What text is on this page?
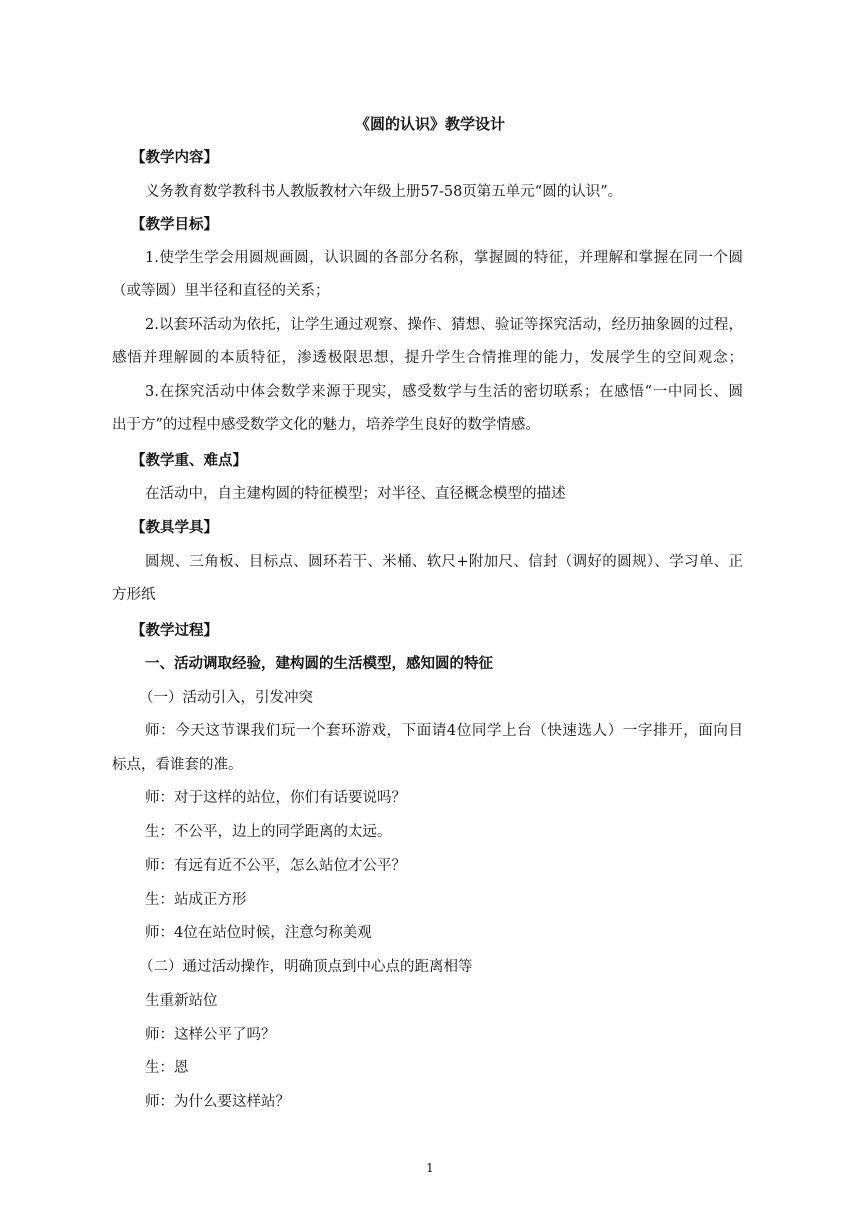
《圆的认识》教学设计
【教学内容】
义务教育数学教科书人教版教材六年级上册57-58页第五单元“圆的认识”。
【教学目标】
1.使学生学会用圆规画圆，认识圆的各部分名称，掌握圆的特征，并理解和掌握在同一个圆
（或等圆）里半径和直径的关系；
2.以套环活动为依托，让学生通过观察、操作、猜想、验证等探究活动，经历抽象圆的过程，
感悟并理解圆的本质特征，渗透极限思想，提升学生合情推理的能力，发展学生的空间观念；
3.在探究活动中体会数学来源于现实，感受数学与生活的密切联系；在感悟“一中同长、圆
出于方”的过程中感受数学文化的魅力，培养学生良好的数学情感。
【教学重、难点】
在活动中，自主建构圆的特征模型；对半径、直径概念模型的描述
【教具学具】
圆规、三角板、目标点、圆环若干、米桶、软尺+附加尺、信封（调好的圆规）、学习单、正
方形纸
【教学过程】
一、活动调取经验，建构圆的生活模型，感知圆的特征
（一）活动引入，引发冲突
师：今天这节课我们玩一个套环游戏，下面请4位同学上台（快速选人）一字排开，面向目
标点，看谁套的准。
师：对于这样的站位，你们有话要说吗？
生：不公平，边上的同学距离的太远。
师：有远有近不公平，怎么站位才公平？
生：站成正方形
师：4位在站位时候，注意匀称美观
（二）通过活动操作，明确顶点到中心点的距离相等
生重新站位
师：这样公平了吗？
生：恩
师：为什么要这样站？
1
